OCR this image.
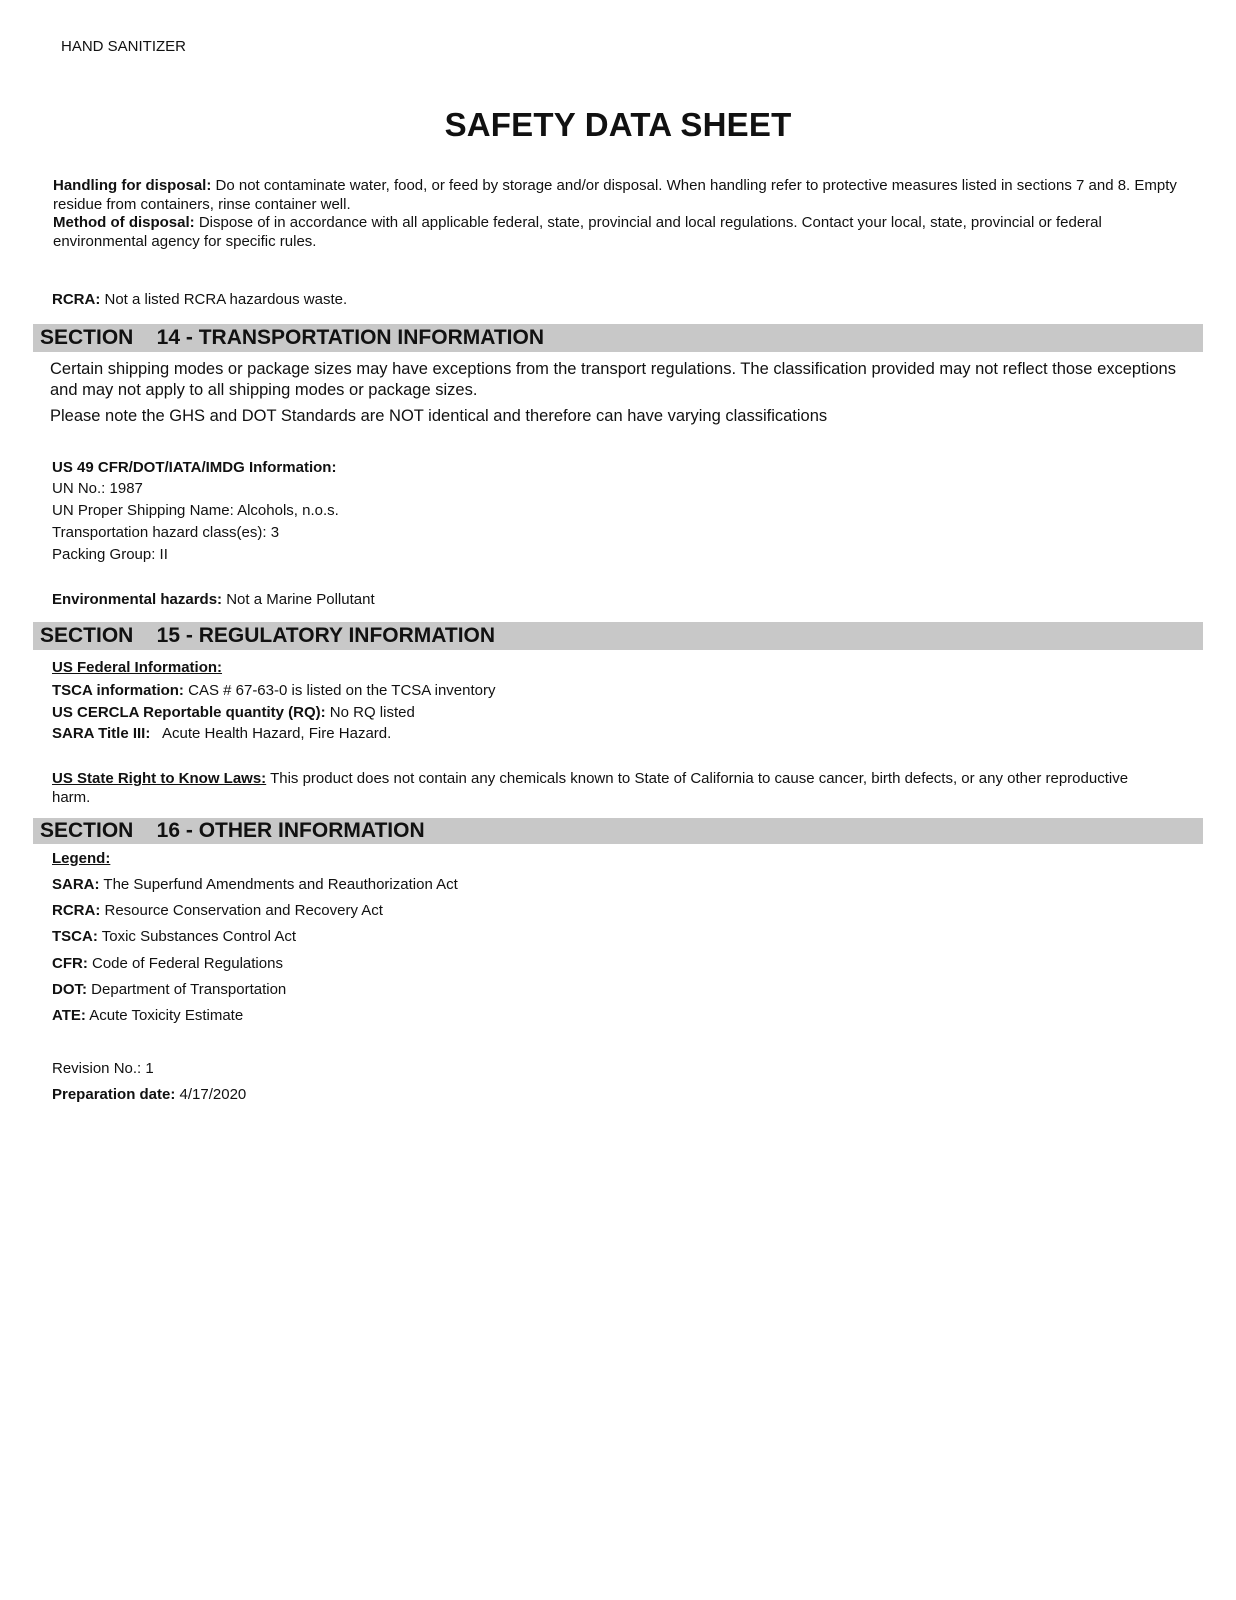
HAND SANITIZER
SAFETY DATA SHEET
Handling for disposal: Do not contaminate water, food, or feed by storage and/or disposal. When handling refer to protective measures listed in sections 7 and 8. Empty residue from containers, rinse container well.
Method of disposal: Dispose of in accordance with all applicable federal, state, provincial and local regulations. Contact your local, state, provincial or federal environmental agency for specific rules.
RCRA: Not a listed RCRA hazardous waste.
SECTION    14 - TRANSPORTATION INFORMATION
Certain shipping modes or package sizes may have exceptions from the transport regulations. The classification provided may not reflect those exceptions and may not apply to all shipping modes or package sizes.
Please note the GHS and DOT Standards are NOT identical and therefore can have varying classifications
US 49 CFR/DOT/IATA/IMDG Information:
UN No.: 1987
UN Proper Shipping Name: Alcohols, n.o.s.
Transportation hazard class(es): 3
Packing Group: II
Environmental hazards: Not a Marine Pollutant
SECTION    15 - REGULATORY INFORMATION
US Federal Information:
TSCA information: CAS # 67-63-0 is listed on the TCSA inventory
US CERCLA Reportable quantity (RQ): No RQ listed
SARA Title III: Acute Health Hazard, Fire Hazard.
US State Right to Know Laws: This product does not contain any chemicals known to State of California to cause cancer, birth defects, or any other reproductive harm.
SECTION    16 - OTHER INFORMATION
Legend:
SARA: The Superfund Amendments and Reauthorization Act
RCRA: Resource Conservation and Recovery Act
TSCA: Toxic Substances Control Act
CFR: Code of Federal Regulations
DOT: Department of Transportation
ATE: Acute Toxicity Estimate
Revision No.: 1
Preparation date: 4/17/2020
